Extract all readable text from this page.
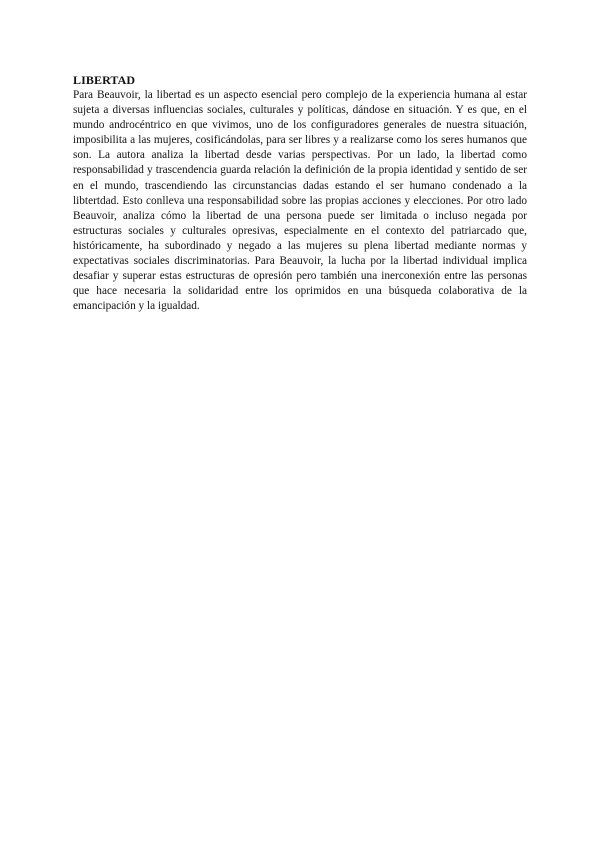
LIBERTAD

Para Beauvoir, la libertad es un aspecto esencial pero complejo de la experiencia humana al estar sujeta a diversas influencias sociales, culturales y políticas, dándose en situación. Y es que, en el mundo androcéntrico en que vivimos, uno de los configuradores generales de nuestra situación, imposibilita a las mujeres, cosificándolas, para ser libres y a realizarse como los seres humanos que son. La autora analiza la libertad desde varias perspectivas. Por un lado, la libertad como responsabilidad y trascendencia guarda relación la definición de la propia identidad y sentido de ser en el mundo, trascendiendo las circunstancias dadas estando el ser humano condenado a la libtertdad. Esto conlleva una responsabilidad sobre las propias acciones y elecciones. Por otro lado Beauvoir, analiza cómo la libertad de una persona puede ser limitada o incluso negada por estructuras sociales y culturales opresivas, especialmente en el contexto del patriarcado que, históricamente, ha subordinado y negado a las mujeres su plena libertad mediante normas y expectativas sociales discriminatorias. Para Beauvoir, la lucha por la libertad individual implica desafiar y superar estas estructuras de opresión pero también una inerconexión entre las personas que hace necesaria la solidaridad entre los oprimidos en una búsqueda colaborativa de la emancipación y la igualdad.
